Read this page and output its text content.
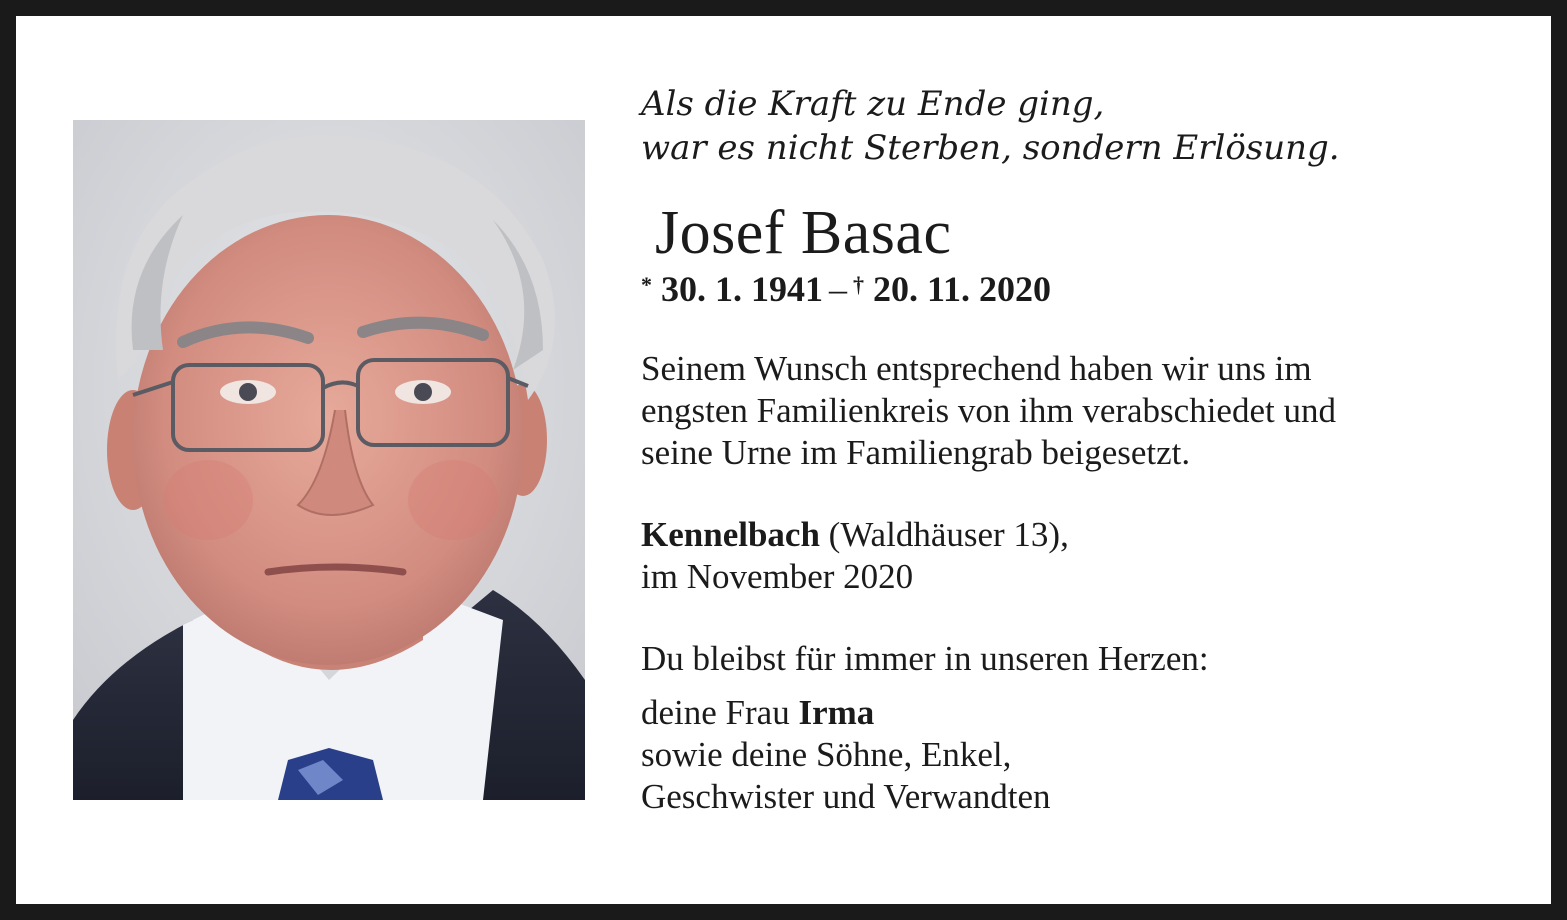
Als die Kraft zu Ende ging,
war es nicht Sterben, sondern Erlösung.

Josef Basac

* 30. 1. 1941 – † 20. 11. 2020

Seinem Wunsch entsprechend haben wir uns im
engsten Familienkreis von ihm verabschiedet und
seine Urne im Familiengrab beigesetzt.

Kennelbach (Waldhäuser 13),
im November 2020

Du bleibst für immer in unseren Herzen:

deine Frau Irma
sowie deine Söhne, Enkel,
Geschwister und Verwandten
